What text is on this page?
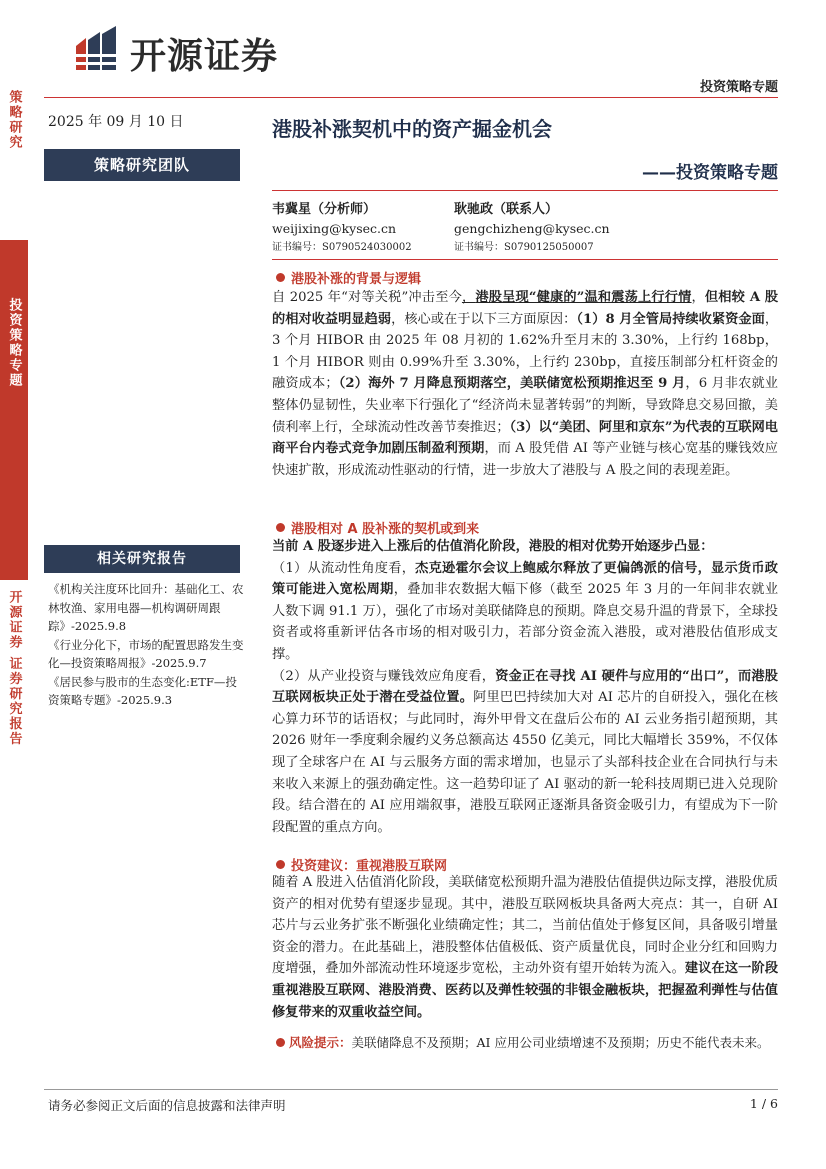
开源证券
投资策略专题
策略研究
投资策略专题
开源证券 证券研究报告
2025 年 09 月 10 日
策略研究团队
相关研究报告
《机构关注度环比回升：基础化工、农林牧渔、家用电器—机构调研周跟踪》-2025.9.8
《行业分化下，市场的配置思路发生变化—投资策略周报》-2025.9.7
《居民参与股市的生态变化:ETF—投资策略专题》-2025.9.3
港股补涨契机中的资产掘金机会
——投资策略专题
韦冀星（分析师）
weijixing@kysec.cn
证书编号：S0790524030002
耿驰政（联系人）
gengchizheng@kysec.cn
证书编号：S0790125050007
港股补涨的背景与逻辑
自 2025 年“对等关税”冲击至今，港股呈现“健康的”温和震荡上行行情，但相较 A 股的相对收益明显趋弱，核心或在于以下三方面原因：（1）8 月全管局持续收紧资金面，3 个月 HIBOR 由 2025 年 08 月初的 1.62%升至月末的 3.30%，上行约 168bp，1 个月 HIBOR 则由 0.99%升至 3.30%，上行约 230bp，直接压制部分杠杆资金的融资成本；（2）海外 7 月降息预期落空，美联储宽松预期推迟至 9 月，6 月非农就业整体仍显韧性，失业率下行强化了“经济尚未显著转弱”的判断，导致降息交易回撤，美债利率上行，全球流动性改善节奏推迟；（3）以“美团、阿里和京东”为代表的互联网电商平台内卷式竞争加剧压制盈利预期，而 A 股凭借 AI 等产业链与核心宽基的赚钱效应快速扩散，形成流动性驱动的行情，进一步放大了港股与 A 股之间的表现差距。
港股相对 A 股补涨的契机或到来
当前 A 股逐步进入上涨后的估值消化阶段，港股的相对优势开始逐步凸显：
（1）从流动性角度看，杰克逊霍尔会议上鲍威尔释放了更偏鸽派的信号，显示货币政策可能进入宽松周期，叠加非农数据大幅下修（截至 2025 年 3 月的一年间非农就业人数下调 91.1 万），强化了市场对美联储降息的预期。降息交易升温的背景下，全球投资者或将重新评估各市场的相对吸引力，若部分资金流入港股，或对港股估值形成支撑。
（2）从产业投资与赚钱效应角度看，资金正在寻找 AI 硬件与应用的“出口”，而港股互联网板块正处于潜在受益位置。阿里巴巴持续加大对 AI 芯片的自研投入，强化在核心算力环节的话语权；与此同时，海外甲骨文在盘后公布的 AI 云业务指引超预期，其 2026 财年一季度剩余履约义务总额高达 4550 亿美元，同比大幅增长 359%，不仅体现了全球客户在 AI 与云服务方面的需求增加，也显示了头部科技企业在合同执行与未来收入来源上的强劲确定性。这一趋势印证了 AI 驱动的新一轮科技周期已进入兑现阶段。结合潜在的 AI 应用端叙事，港股互联网正逐渐具备资金吸引力，有望成为下一阶段配置的重点方向。
投资建议：重视港股互联网
随着 A 股进入估值消化阶段，美联储宽松预期升温为港股估值提供边际支撑，港股优质资产的相对优势有望逐步显现。其中，港股互联网板块具备两大亮点：其一，自研 AI 芯片与云业务扩张不断强化业绩确定性；其二，当前估值处于修复区间，具备吸引增量资金的潜力。在此基础上，港股整体估值极低、资产质量优良，同时企业分红和回购力度增强，叠加外部流动性环境逐步宽松，主动外资有望开始转为流入。建议在这一阶段重视港股互联网、港股消费、医药以及弹性较强的非银金融板块，把握盈利弹性与估值修复带来的双重收益空间。
风险提示：美联储降息不及预期；AI 应用公司业绩增速不及预期；历史不能代表未来。
请务必参阅正文后面的信息披露和法律声明	1 / 6
